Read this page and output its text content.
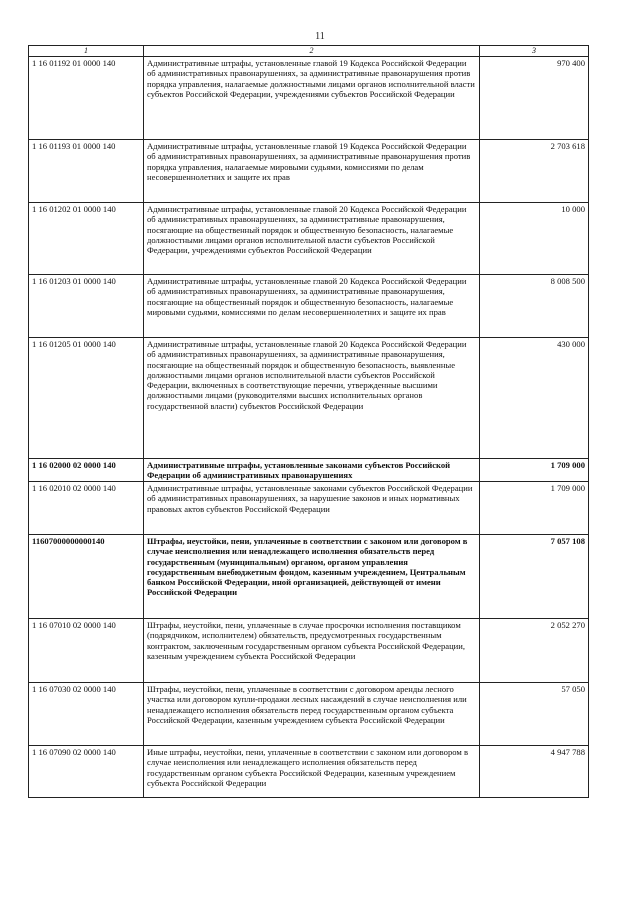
11
1	2	3
1 16 01192 01 0000 140	Административные штрафы, установленные главой 19 Кодекса Российской Федерации об административных правонарушениях, за административные правонарушения против порядка управления, налагаемые должностными лицами органов исполнительной власти субъектов Российской Федерации, учреждениями субъектов Российской Федерации	970 400
1 16 01193 01 0000 140	Административные штрафы, установленные главой 19 Кодекса Российской Федерации об административных правонарушениях, за административные правонарушения против порядка управления, налагаемые мировыми судьями, комиссиями по делам несовершеннолетних и защите их прав	2 703 618
1 16 01202 01 0000 140	Административные штрафы, установленные главой 20 Кодекса Российской Федерации об административных правонарушениях, за административные правонарушения, посягающие на общественный порядок и общественную безопасность, налагаемые должностными лицами органов исполнительной власти субъектов Российской Федерации, учреждениями субъектов Российской Федерации	10 000
1 16 01203 01 0000 140	Административные штрафы, установленные главой 20 Кодекса Российской Федерации об административных правонарушениях, за административные правонарушения, посягающие на общественный порядок и общественную безопасность, налагаемые мировыми судьями, комиссиями по делам несовершеннолетних и защите их прав	8 008 500
1 16 01205 01 0000 140	Административные штрафы, установленные главой 20 Кодекса Российской Федерации об административных правонарушениях, за административные правонарушения, посягающие на общественный порядок и общественную безопасность, выявленные должностными лицами органов исполнительной власти субъектов Российской Федерации, включенных в соответствующие перечни, утвержденные высшими должностными лицами (руководителями высших исполнительных органов государственной власти) субъектов Российской Федерации	430 000
1 16 02000 02 0000 140	Административные штрафы, установленные законами субъектов Российской Федерации об административных правонарушениях	1 709 000
1 16 02010 02 0000 140	Административные штрафы, установленные законами субъектов Российской Федерации об административных правонарушениях, за нарушение законов и иных нормативных правовых актов субъектов Российской Федерации	1 709 000
11607000000000140	Штрафы, неустойки, пени, уплаченные в соответствии с законом или договором в случае неисполнения или ненадлежащего исполнения обязательств перед государственным (муниципальным) органом, органом управления государственным внебюджетным фондом, казенным учреждением, Центральным банком Российской Федерации, иной организацией, действующей от имени Российской Федерации	7 057 108
1 16 07010 02 0000 140	Штрафы, неустойки, пени, уплаченные в случае просрочки исполнения поставщиком (подрядчиком, исполнителем) обязательств, предусмотренных государственным контрактом, заключенным государственным органом субъекта Российской Федерации, казенным учреждением субъекта Российской Федерации	2 052 270
1 16 07030 02 0000 140	Штрафы, неустойки, пени, уплаченные в соответствии с договором аренды лесного участка или договором купли-продажи лесных насаждений в случае неисполнения или ненадлежащего исполнения обязательств перед государственным органом субъекта Российской Федерации, казенным учреждением субъекта Российской Федерации	57 050
1 16 07090 02 0000 140	Иные штрафы, неустойки, пени, уплаченные в соответствии с законом или договором в случае неисполнения или ненадлежащего исполнения обязательств перед государственным органом субъекта Российской Федерации, казенным учреждением субъекта Российской Федерации	4 947 788
